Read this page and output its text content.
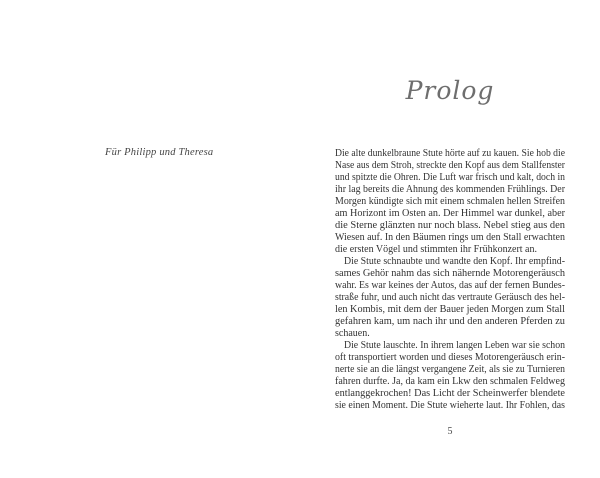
Für Philipp und Theresa
Prolog
Die alte dunkelbraune Stute hörte auf zu kauen. Sie hob die
Nase aus dem Stroh, streckte den Kopf aus dem Stallfenster
und spitzte die Ohren. Die Luft war frisch und kalt, doch in
ihr lag bereits die Ahnung des kommenden Frühlings. Der
Morgen kündigte sich mit einem schmalen hellen Streifen
am Horizont im Osten an. Der Himmel war dunkel, aber
die Sterne glänzten nur noch blass. Nebel stieg aus den
Wiesen auf. In den Bäumen rings um den Stall erwachten
die ersten Vögel und stimmten ihr Frühkonzert an.
Die Stute schnaubte und wandte den Kopf. Ihr empfind-
sames Gehör nahm das sich nähernde Motorengeräusch
wahr. Es war keines der Autos, das auf der fernen Bundes-
straße fuhr, und auch nicht das vertraute Geräusch des hel-
len Kombis, mit dem der Bauer jeden Morgen zum Stall
gefahren kam, um nach ihr und den anderen Pferden zu
schauen.
Die Stute lauschte. In ihrem langen Leben war sie schon
oft transportiert worden und dieses Motorengeräusch erin-
nerte sie an die längst vergangene Zeit, als sie zu Turnieren
fahren durfte. Ja, da kam ein Lkw den schmalen Feldweg
entlanggekrochen! Das Licht der Scheinwerfer blendete
sie einen Moment. Die Stute wieherte laut. Ihr Fohlen, das
5
